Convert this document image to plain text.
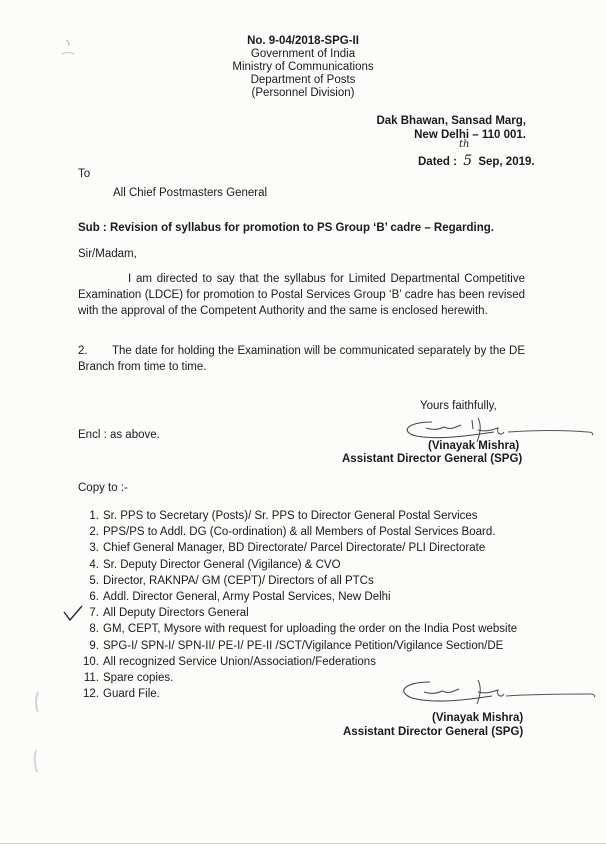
No. 9-04/2018-SPG-II
Government of India
Ministry of Communications
Department of Posts
(Personnel Division)
Dak Bhawan, Sansad Marg,
New Delhi – 110 001.
Dated : 5 Sep, 2019.
th
To
All Chief Postmasters General
Sub : Revision of syllabus for promotion to PS Group ‘B’ cadre – Regarding.
Sir/Madam,
I am directed to say that the syllabus for Limited Departmental Competitive Examination (LDCE) for promotion to Postal Services Group ‘B’ cadre has been revised with the approval of the Competent Authority and the same is enclosed herewith.
2. The date for holding the Examination will be communicated separately by the DE Branch from time to time.
Yours faithfully,
Encl : as above.
(Vinayak Mishra)
Assistant Director General (SPG)
Copy to :-
1. Sr. PPS to Secretary (Posts)/ Sr. PPS to Director General Postal Services
2. PPS/PS to Addl. DG (Co-ordination) & all Members of Postal Services Board.
3. Chief General Manager, BD Directorate/ Parcel Directorate/ PLI Directorate
4. Sr. Deputy Director General (Vigilance) & CVO
5. Director, RAKNPA/ GM (CEPT)/ Directors of all PTCs
6. Addl. Director General, Army Postal Services, New Delhi
7. All Deputy Directors General
8. GM, CEPT, Mysore with request for uploading the order on the India Post website
9. SPG-I/ SPN-I/ SPN-II/ PE-I/ PE-II /SCT/Vigilance Petition/Vigilance Section/DE
10. All recognized Service Union/Association/Federations
11. Spare copies.
12. Guard File.
(Vinayak Mishra)
Assistant Director General (SPG)
